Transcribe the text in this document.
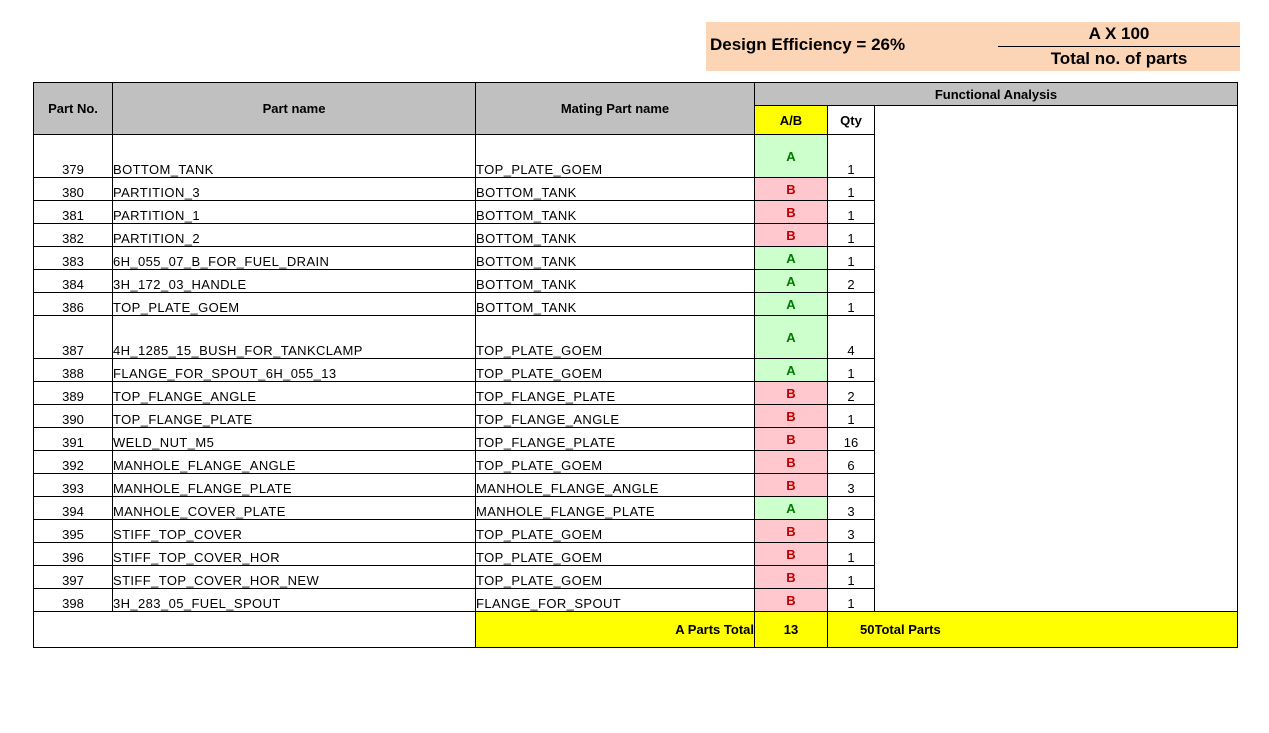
Design Efficiency = 26%
A X 100
Total no. of parts
Part No.	Part name	Mating Part name	Functional Analysis		
			A/B	Qty	
379	BOTTOM_TANK	TOP_PLATE_GOEM	A	1	
380	PARTITION_3	BOTTOM_TANK	B	1	
381	PARTITION_1	BOTTOM_TANK	B	1	
382	PARTITION_2	BOTTOM_TANK	B	1	
383	6H_055_07_B_FOR_FUEL_DRAIN	BOTTOM_TANK	A	1	
384	3H_172_03_HANDLE	BOTTOM_TANK	A	2	
386	TOP_PLATE_GOEM	BOTTOM_TANK	A	1	
387	4H_1285_15_BUSH_FOR_TANKCLAMP	TOP_PLATE_GOEM	A	4	
388	FLANGE_FOR_SPOUT_6H_055_13	TOP_PLATE_GOEM	A	1	
389	TOP_FLANGE_ANGLE	TOP_FLANGE_PLATE	B	2	
390	TOP_FLANGE_PLATE	TOP_FLANGE_ANGLE	B	1	
391	WELD_NUT_M5	TOP_FLANGE_PLATE	B	16	
392	MANHOLE_FLANGE_ANGLE	TOP_PLATE_GOEM	B	6	
393	MANHOLE_FLANGE_PLATE	MANHOLE_FLANGE_ANGLE	B	3	
394	MANHOLE_COVER_PLATE	MANHOLE_FLANGE_PLATE	A	3	
395	STIFF_TOP_COVER	TOP_PLATE_GOEM	B	3	
396	STIFF_TOP_COVER_HOR	TOP_PLATE_GOEM	B	1	
397	STIFF_TOP_COVER_HOR_NEW	TOP_PLATE_GOEM	B	1	
398	3H_283_05_FUEL_SPOUT	FLANGE_FOR_SPOUT	B	1	
		A Parts Total	13	50	Total Parts
